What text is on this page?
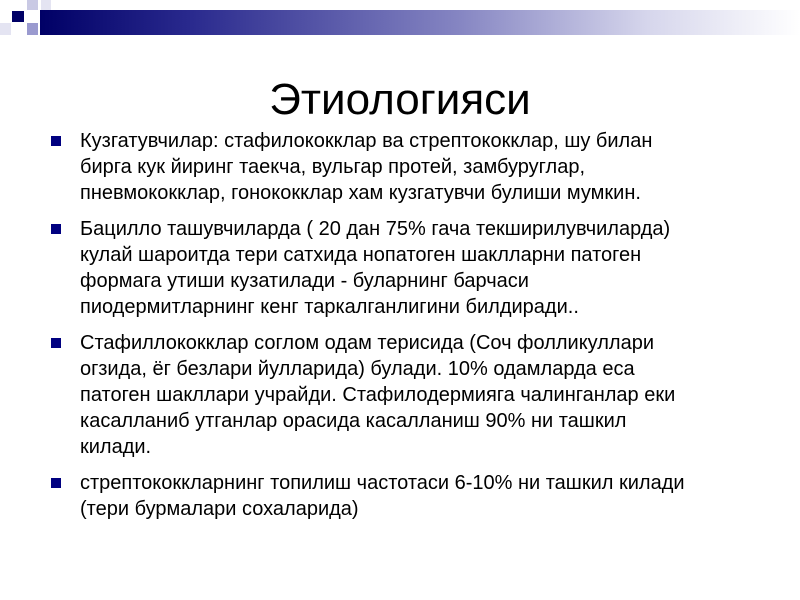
Этиологияси
Кузгатувчилар: стафилококклар ва стрептококклар, шу билан
бирга кук йиринг таекча, вульгар протей, замбуруглар,
пневмококклар, гонококклар хам кузгатувчи булиши мумкин.
Бацилло ташувчиларда ( 20 дан 75% гача текширилувчиларда)
кулай шароитда тери сатхида нопатоген шаклларни патоген
формага утиши кузатилади - буларнинг барчаси
пиодермитларнинг кенг таркалганлигини билдиради..
Стафиллококклар соглом одам терисида (Соч фолликуллари
огзида, ёг безлари йулларида) булади. 10% одамларда еса
патоген шакллари учрайди. Стафилодермияга чалинганлар еки
касалланиб утганлар орасида касалланиш 90% ни ташкил
килади.
стрептококкларнинг топилиш частотаси 6-10% ни ташкил килади
(тери бурмалари сохаларида)
